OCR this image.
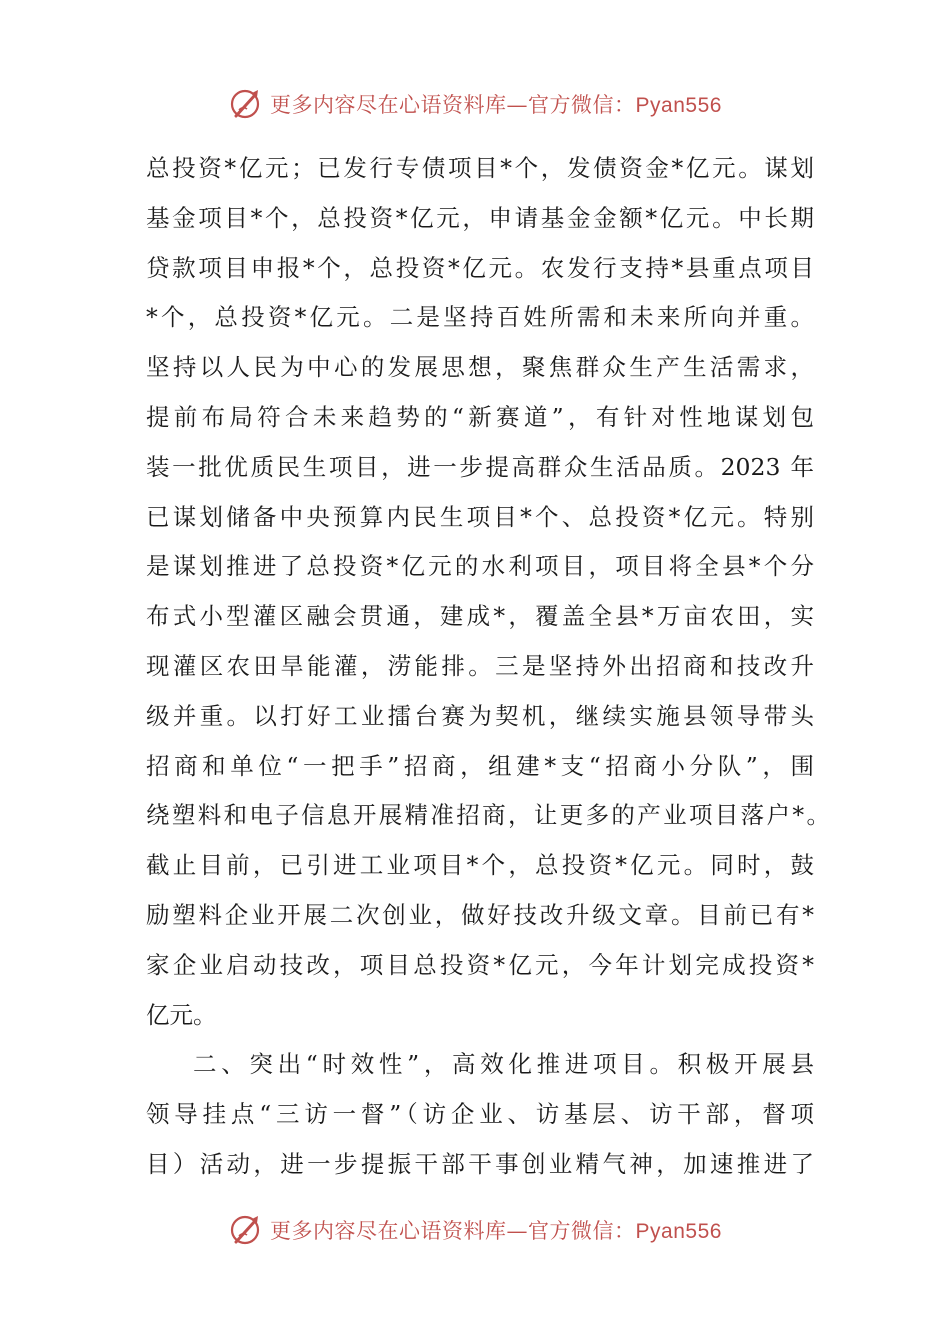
更多内容尽在心语资料库—官方微信：Pyan556
总投资*亿元；已发行专债项目*个，发债资金*亿元。谋划
基金项目*个，总投资*亿元，申请基金金额*亿元。中长期
贷款项目申报*个，总投资*亿元。农发行支持*县重点项目
*个，总投资*亿元。二是坚持百姓所需和未来所向并重。
坚持以人民为中心的发展思想，聚焦群众生产生活需求，
提前布局符合未来趋势的“新赛道”，有针对性地谋划包
装一批优质民生项目，进一步提高群众生活品质。2023 年
已谋划储备中央预算内民生项目*个、总投资*亿元。特别
是谋划推进了总投资*亿元的水利项目，项目将全县*个分
布式小型灌区融会贯通，建成*，覆盖全县*万亩农田，实
现灌区农田旱能灌，涝能排。三是坚持外出招商和技改升
级并重。以打好工业擂台赛为契机，继续实施县领导带头
招商和单位“一把手”招商，组建*支“招商小分队”，围
绕塑料和电子信息开展精准招商，让更多的产业项目落户*。
截止目前，已引进工业项目*个，总投资*亿元。同时，鼓
励塑料企业开展二次创业，做好技改升级文章。目前已有*
家企业启动技改，项目总投资*亿元，今年计划完成投资*
亿元。
二、突出“时效性”，高效化推进项目。积极开展县
领导挂点“三访一督”（访企业、访基层、访干部，督项
目）活动，进一步提振干部干事创业精气神，加速推进了
更多内容尽在心语资料库—官方微信：Pyan556
